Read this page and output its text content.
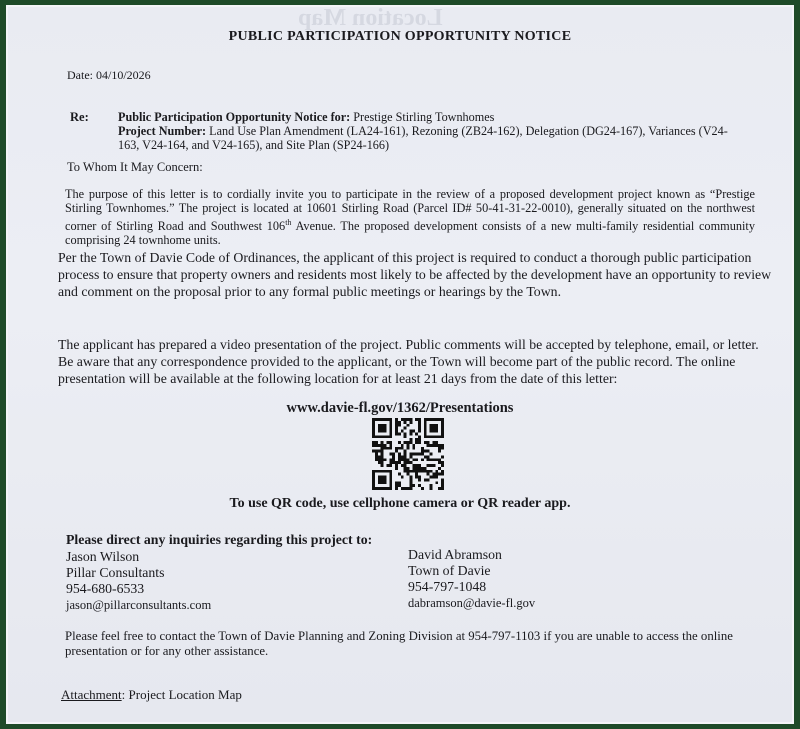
Location Map
PUBLIC PARTICIPATION OPPORTUNITY NOTICE
Date: 04/10/2026
Re: Public Participation Opportunity Notice for: Prestige Stirling Townhomes
Project Number: Land Use Plan Amendment (LA24-161), Rezoning (ZB24-162), Delegation (DG24-167), Variances (V24-163, V24-164, and V24-165), and Site Plan (SP24-166)
To Whom It May Concern:
The purpose of this letter is to cordially invite you to participate in the review of a proposed development project known as “Prestige Stirling Townhomes.” The project is located at 10601 Stirling Road (Parcel ID# 50-41-31-22-0010), generally situated on the northwest corner of Stirling Road and Southwest 106th Avenue. The proposed development consists of a new multi-family residential community comprising 24 townhome units.
Per the Town of Davie Code of Ordinances, the applicant of this project is required to conduct a thorough public participation process to ensure that property owners and residents most likely to be affected by the development have an opportunity to review and comment on the proposal prior to any formal public meetings or hearings by the Town.
The applicant has prepared a video presentation of the project. Public comments will be accepted by telephone, email, or letter. Be aware that any correspondence provided to the applicant, or the Town will become part of the public record. The online presentation will be available at the following location for at least 21 days from the date of this letter:
www.davie-fl.gov/1362/Presentations
To use QR code, use cellphone camera or QR reader app.
Please direct any inquiries regarding this project to:
Jason Wilson
Pillar Consultants
954-680-6533
jason@pillarconsultants.com
David Abramson
Town of Davie
954-797-1048
dabramson@davie-fl.gov
Please feel free to contact the Town of Davie Planning and Zoning Division at 954-797-1103 if you are unable to access the online presentation or for any other assistance.
Attachment: Project Location Map
